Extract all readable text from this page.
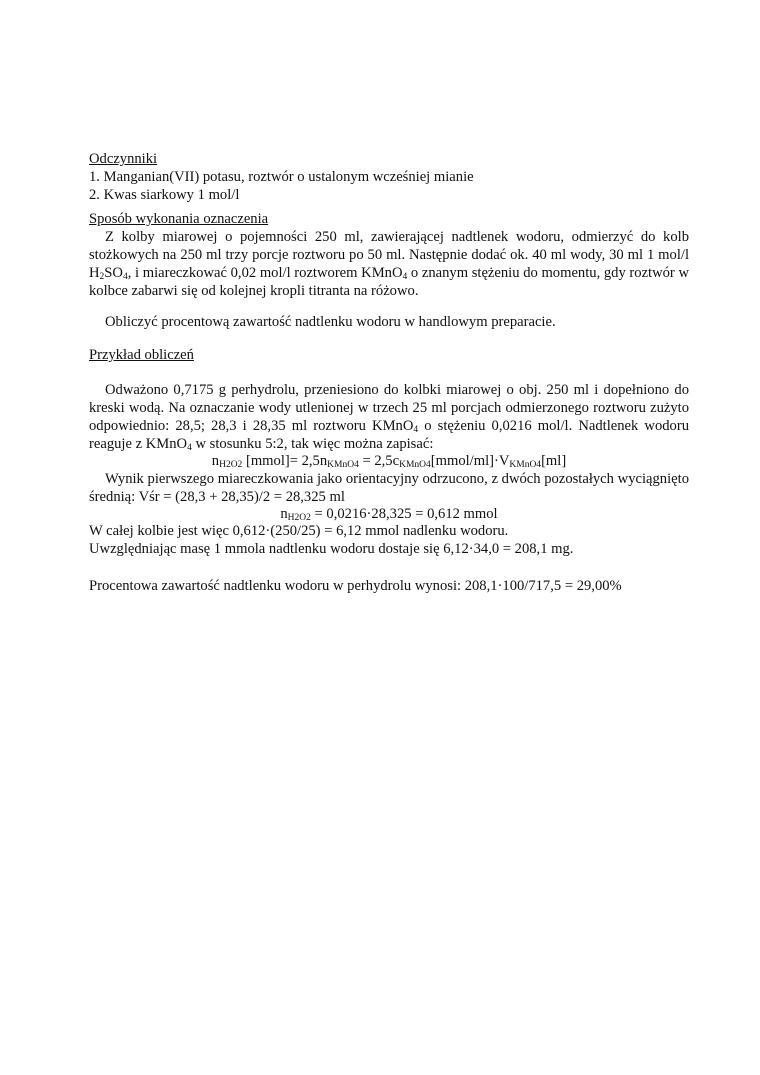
Odczynniki
1. Manganian(VII) potasu, roztwór o ustalonym wcześniej mianie
2. Kwas siarkowy 1 mol/l
Sposób wykonania oznaczenia
Z kolby miarowej o pojemności 250 ml, zawierającej nadtlenek wodoru, odmierzyć do kolb stożkowych na 250 ml trzy porcje roztworu po 50 ml. Następnie dodać ok. 40 ml wody, 30 ml 1 mol/l $H_2SO_4$, i miareczkować 0,02 mol/l roztworem KMnO$_4$ o znanym stężeniu do momentu, gdy roztwór w kolbce zabarwi się od kolejnej kropli titranta na różowo.
Obliczyć procentową zawartość nadtlenku wodoru w handlowym preparacie.
Przykład obliczeń
Odważono 0,7175 g perhydrolu, przeniesiono do kolbki miarowej o obj. 250 ml i dopełniono do kreski wodą. Na oznaczanie wody utlenionej w trzech 25 ml porcjach odmierzonego roztworu zużyto odpowiednio: 28,5; 28,3 i 28,35 ml roztworu KMnO$_4$ o stężeniu 0,0216 mol/l. Nadtlenek wodoru reaguje z KMnO$_4$ w stosunku 5:2, tak więc można zapisać:
$n_{H2O2}$ [mmol]= $2,5n_{KMnO4}$ = $2,5c_{KMnO4}[mmol/ml]\cdot V_{KMnO4}[ml]$
Wynik pierwszego miareczkowania jako orientacyjny odrzucono, z dwóch pozostałych wyciągnięto średnią: Vśr = (28,3 + 28,35)/2 = 28,325 ml
$n_{H2O2} = 0,0216\cdot 28,325 = 0,612$ mmol
W całej kolbie jest więc 0,612·(250/25) = 6,12 mmol nadlenku wodoru.
Uwzględniając masę 1 mmola nadtlenku wodoru dostaje się 6,12·34,0 = 208,1 mg.
Procentowa zawartość nadtlenku wodoru w perhydrolu wynosi: 208,1·100/717,5 = 29,00%
